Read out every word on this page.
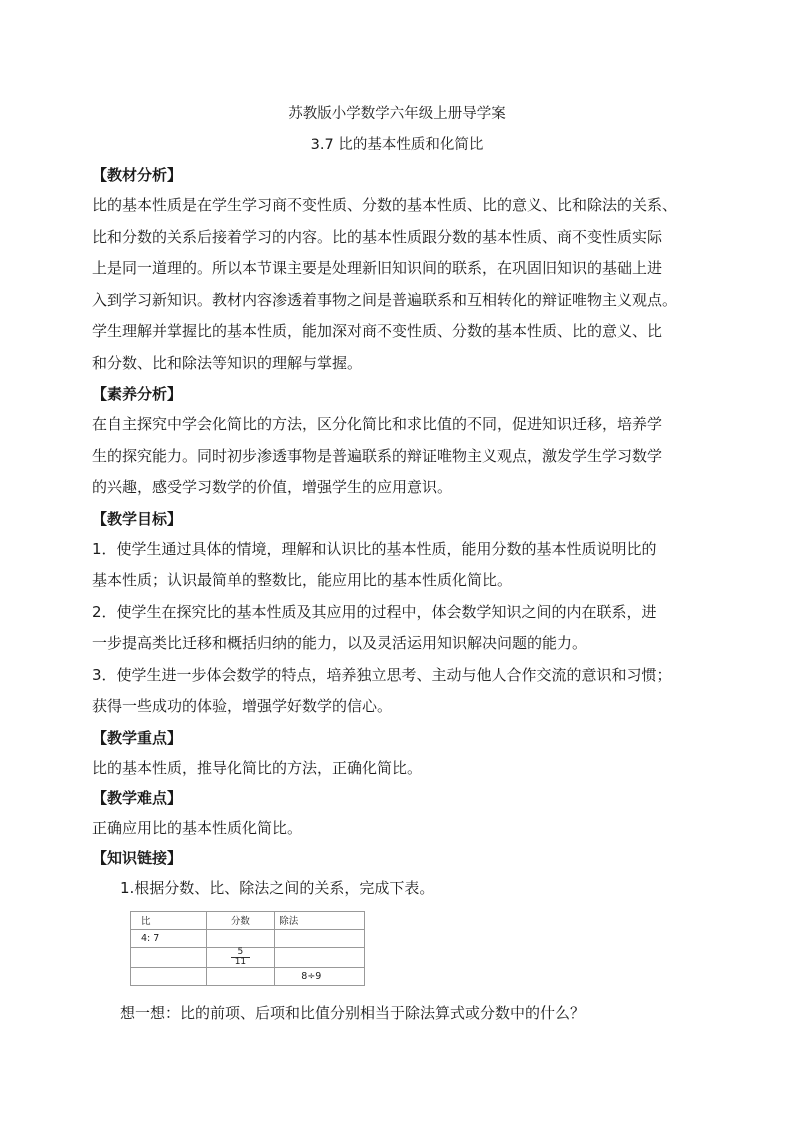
苏教版小学数学六年级上册导学案
3.7 比的基本性质和化简比
【教材分析】

比的基本性质是在学生学习商不变性质、分数的基本性质、比的意义、比和除法的关系、

比和分数的关系后接着学习的内容。比的基本性质跟分数的基本性质、商不变性质实际

上是同一道理的。所以本节课主要是处理新旧知识间的联系，在巩固旧知识的基础上进

入到学习新知识。教材内容渗透着事物之间是普遍联系和互相转化的辩证唯物主义观点。

学生理解并掌握比的基本性质，能加深对商不变性质、分数的基本性质、比的意义、比

和分数、比和除法等知识的理解与掌握。

【素养分析】

在自主探究中学会化简比的方法，区分化简比和求比值的不同，促进知识迁移，培养学

生的探究能力。同时初步渗透事物是普遍联系的辩证唯物主义观点，激发学生学习数学

的兴趣，感受学习数学的价值，增强学生的应用意识。

【教学目标】

1．使学生通过具体的情境，理解和认识比的基本性质，能用分数的基本性质说明比的

基本性质；认识最简单的整数比，能应用比的基本性质化简比。

2．使学生在探究比的基本性质及其应用的过程中，体会数学知识之间的内在联系，进

一步提高类比迁移和概括归纳的能力，以及灵活运用知识解决问题的能力。

3．使学生进一步体会数学的特点，培养独立思考、主动与他人合作交流的意识和习惯；

获得一些成功的体验，增强学好数学的信心。

【教学重点】
比的基本性质，推导化简比的方法，正确化简比。
【教学难点】
正确应用比的基本性质化简比。
【知识链接】
1.根据分数、比、除法之间的关系，完成下表。
比	分数	除法
4: 7		

	$\frac{5}{11}$

		8÷9
想一想：比的前项、后项和比值分别相当于除法算式或分数中的什么？
